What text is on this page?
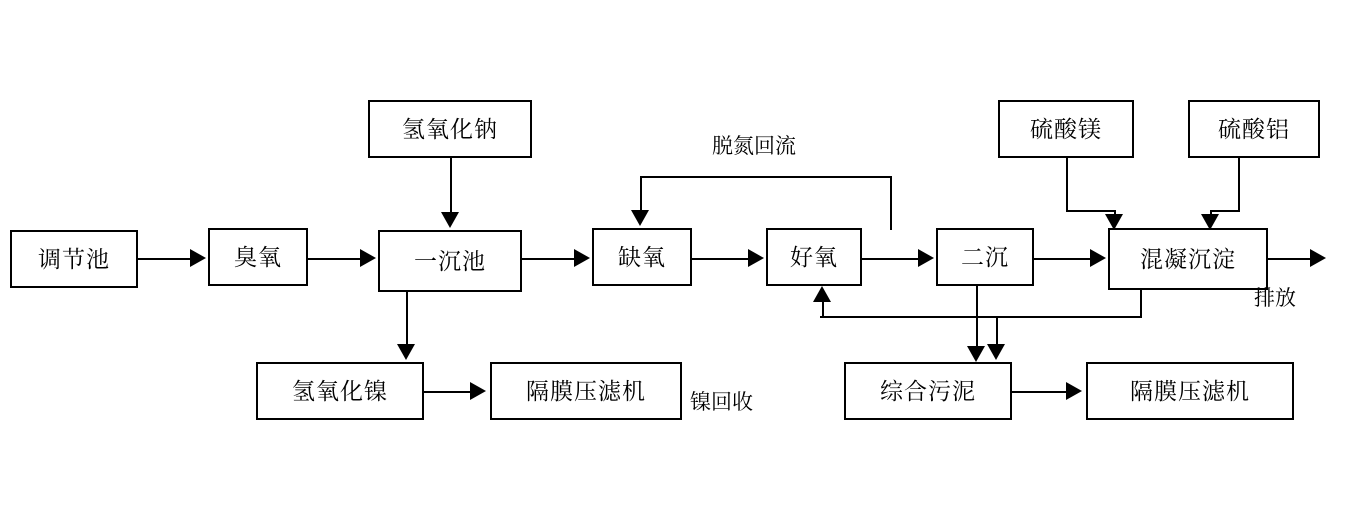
调节池	臭氧
氢氧化钠
一沉池	缺氧	好氧	二沉	混凝沉淀
硫酸镁	硫酸铝
氢氧化镍	隔膜压滤机	综合污泥	隔膜压滤机
脱氮回流
排放
镍回收
